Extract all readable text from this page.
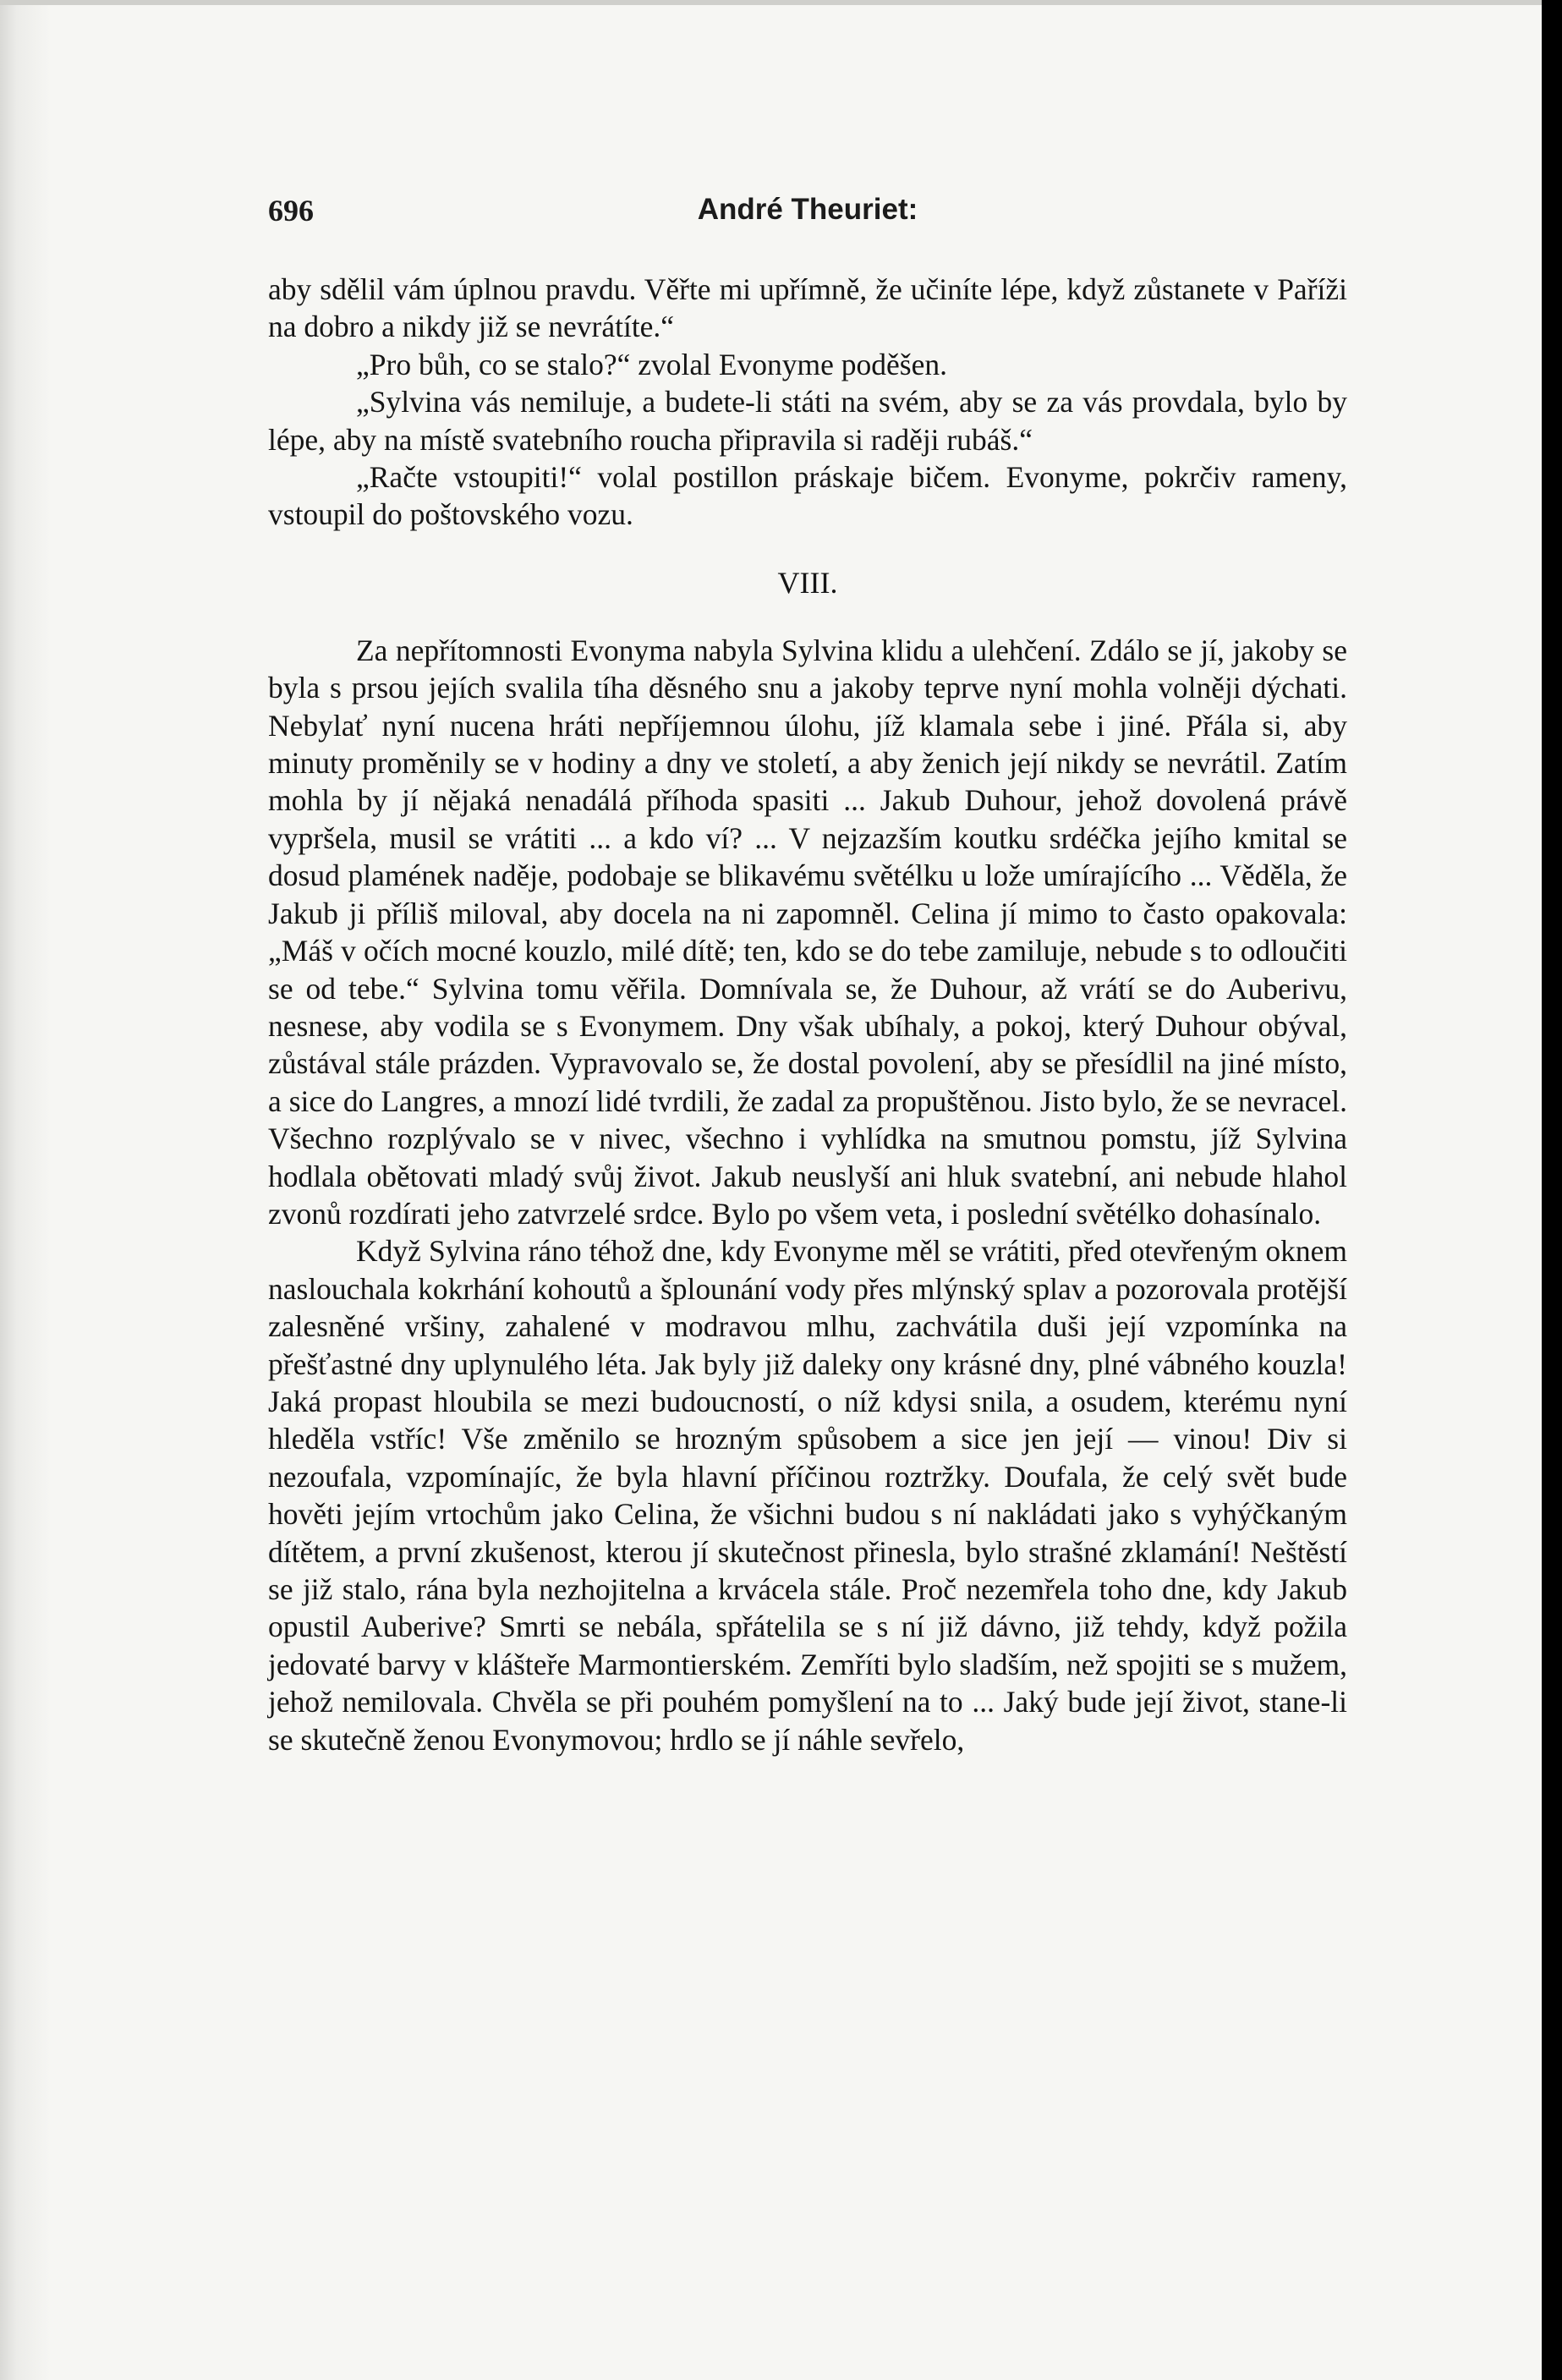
696	André Theuriet:

aby sdělil vám úplnou pravdu. Věřte mi upřímně, že učiníte lépe, když zůstanete v Paříži na dobro a nikdy již se nevrátíte.“

„Pro bůh, co se stalo?“ zvolal Evonyme poděšen.

„Sylvina vás nemiluje, a budete-li státi na svém, aby se za vás provdala, bylo by lépe, aby na místě svatebního roucha připravila si raději rubáš.“

„Račte vstoupiti!“ volal postillon práskaje bičem. Evonyme, pokrčiv rameny, vstoupil do poštovského vozu.

VIII.

Za nepřítomnosti Evonyma nabyla Sylvina klidu a ulehčení. Zdálo se jí, jakoby se byla s prsou jejích svalila tíha děsného snu a jakoby teprve nyní mohla volněji dýchati. Nebylať nyní nucena hráti nepříjemnou úlohu, jíž klamala sebe i jiné. Přála si, aby minuty proměnily se v hodiny a dny ve století, a aby ženich její nikdy se nevrátil. Zatím mohla by jí nějaká nenadálá příhoda spasiti ... Jakub Duhour, jehož dovolená právě vypršela, musil se vrátiti ... a kdo ví? ... V nejzazším koutku srdéčka jejího kmital se dosud plamének naděje, podobaje se blikavému světélku u lože umírajícího ... Věděla, že Jakub ji příliš miloval, aby docela na ni zapomněl. Celina jí mimo to často opakovala: „Máš v očích mocné kouzlo, milé dítě; ten, kdo se do tebe zamiluje, nebude s to odloučiti se od tebe.“ Sylvina tomu věřila. Domnívala se, že Duhour, až vrátí se do Auberivu, nesnese, aby vodila se s Evonymem. Dny však ubíhaly, a pokoj, který Duhour obýval, zůstával stále prázden. Vypravovalo se, že dostal povolení, aby se přesídlil na jiné místo, a sice do Langres, a mnozí lidé tvrdili, že zadal za propuštěnou. Jisto bylo, že se nevracel. Všechno rozplývalo se v nivec, všechno i vyhlídka na smutnou pomstu, jíž Sylvina hodlala obětovati mladý svůj život. Jakub neuslyší ani hluk svatební, ani nebude hlahol zvonů rozdírati jeho zatvrzelé srdce. Bylo po všem veta, i poslední světélko dohasínalo.

Když Sylvina ráno téhož dne, kdy Evonyme měl se vrátiti, před otevřeným oknem naslouchala kokrhání kohoutů a šplounání vody přes mlýnský splav a pozorovala protější zalesněné vršiny, zahalené v modravou mlhu, zachvátila duši její vzpomínka na přešťastné dny uplynulého léta. Jak byly již daleky ony krásné dny, plné vábného kouzla! Jaká propast hloubila se mezi budoucností, o níž kdysi snila, a osudem, kterému nyní hleděla vstříc! Vše změnilo se hrozným spůsobem a sice jen její — vinou! Div si nezoufala, vzpomínajíc, že byla hlavní příčinou roztržky. Doufala, že celý svět bude hověti jejím vrtochům jako Celina, že všichni budou s ní nakládati jako s vyhýčkaným dítětem, a první zkušenost, kterou jí skutečnost přinesla, bylo strašné zklamání! Neštěstí se již stalo, rána byla nezhojitelna a krvácela stále. Proč nezemřela toho dne, kdy Jakub opustil Auberive? Smrti se nebála, spřátelila se s ní již dávno, již tehdy, když požila jedovaté barvy v klášteře Marmontierském. Zemříti bylo sladším, než spojiti se s mužem, jehož nemilovala. Chvěla se při pouhém pomyšlení na to ... Jaký bude její život, stane-li se skutečně ženou Evonymovou; hrdlo se jí náhle sevřelo,
